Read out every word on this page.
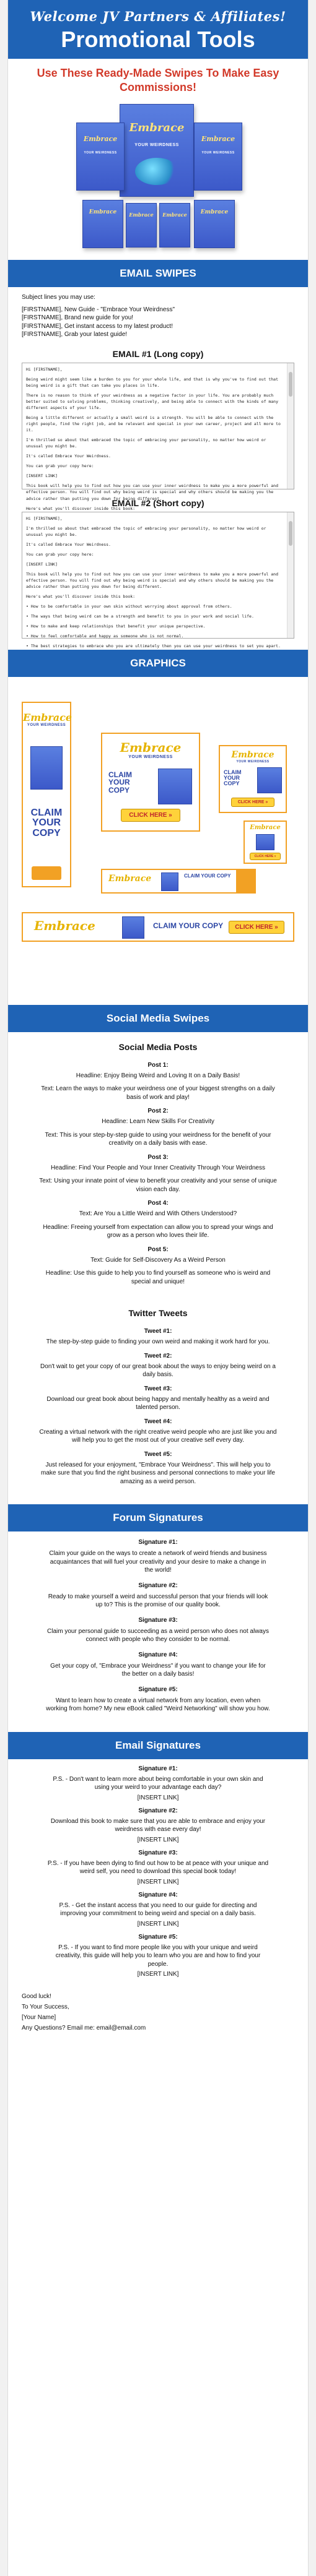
Welcome JV Partners & Affiliates!
Promotional Tools
Use These Ready-Made Swipes To Make Easy Commissions!
Embrace
YOUR WEIRDNESS
Embrace
YOUR WEIRDNESS
Embrace
YOUR WEIRDNESS
Embrace	Embrace	Embrace	Embrace
EMAIL SWIPES
Subject lines you may use:
[FIRSTNAME], New Guide - "Embrace Your Weirdness"
[FIRSTNAME], Brand new guide for you!
[FIRSTNAME], Get instant access to my latest product!
[FIRSTNAME], Grab your latest guide!
EMAIL #1 (Long copy)
Hi [FIRSTNAME],
Being weird might seem like a burden to you for your whole life, and that is why you've to find out that being weird is a gift that can take you places in life.
There is no reason to think of your weirdness as a negative factor in your life. You are probably much better suited to solving problems, thinking creatively, and being able to connect with the kinds of many different aspects of your life.
Being a little different or actually a small weird is a strength. You will be able to connect with the right people, find the right job, and be relevant and special in your own career, project and all more to it.
I'm thrilled so about that embraced the topic of embracing your personality, no matter how weird or unusual you might be.
It's called Embrace Your Weirdness.
You can grab your copy here:
[INSERT LINK]
This book will help you to find out how you can use your inner weirdness to make you a more powerful and effective person. You will find out why being weird is special and why others should be making you the advice rather than putting you down for being different.
Here's what you'll discover inside this book:
EMAIL #2 (Short copy)
Hi [FIRSTNAME],
I'm thrilled so about that embraced the topic of embracing your personality, no matter how weird or unusual you might be.
It's called Embrace Your Weirdness.
You can grab your copy here:
[INSERT LINK]
This book will help you to find out how you can use your inner weirdness to make you a more powerful and effective person. You will find out why being weird is special and why others should be making you the advice rather than putting you down for being different.
Here's what you'll discover inside this book:
• How to be comfortable in your own skin without worrying about approval from others.
• The ways that being weird can be a strength and benefit to you in your work and social life.
• How to make and keep relationships that benefit your unique perspective.
• How to feel comfortable and happy as someone who is not normal.
• The best strategies to embrace who you are ultimately then you can use your weirdness to set you apart.
GRAPHICS
Embrace
YOUR WEIRDNESS
CLAIM
YOUR
COPY
Embrace
YOUR WEIRDNESS
CLAIM
YOUR
COPY
CLICK HERE »
Embrace
YOUR WEIRDNESS
CLAIM
YOUR
COPY
CLICK HERE »
Embrace
CLICK HERE »
Embrace	CLAIM YOUR COPY
Embrace	CLAIM YOUR COPY	CLICK HERE »
Social Media Swipes
Social Media Posts
Post 1:
Headline: Enjoy Being Weird and Loving It on a Daily Basis!
Text: Learn the ways to make your weirdness one of your biggest strengths on a daily basis of work and play!
Post 2:
Headline: Learn New Skills For Creativity
Text: This is your step-by-step guide to using your weirdness for the benefit of your creativity on a daily basis with ease.
Post 3:
Headline: Find Your People and Your Inner Creativity Through Your Weirdness
Text: Using your innate point of view to benefit your creativity and your sense of unique vision each day.
Post 4:
Text: Are You a Little Weird and With Others Understood?
Headline: Freeing yourself from expectation can allow you to spread your wings and grow as a person who loves their life.
Post 5:
Text: Guide for Self-Discovery As a Weird Person
Headline: Use this guide to help you to find yourself as someone who is weird and special and unique!
Twitter Tweets
Tweet #1:
The step-by-step guide to finding your own weird and making it work hard for you.
Tweet #2:
Don't wait to get your copy of our great book about the ways to enjoy being weird on a daily basis.
Tweet #3:
Download our great book about being happy and mentally healthy as a weird and talented person.
Tweet #4:
Creating a virtual network with the right creative weird people who are just like you and will help you to get the most out of your creative self every day.
Tweet #5:
Just released for your enjoyment, "Embrace Your Weirdness". This will help you to make sure that you find the right business and personal connections to make your life amazing as a weird person.
Forum Signatures
Signature #1:
Claim your guide on the ways to create a network of weird friends and business acquaintances that will fuel your creativity and your desire to make a change in the world!
Signature #2:
Ready to make yourself a weird and successful person that your friends will look up to? This is the promise of our quality book.
Signature #3:
Claim your personal guide to succeeding as a weird person who does not always connect with people who they consider to be normal.
Signature #4:
Get your copy of, "Embrace your Weirdness" if you want to change your life for the better on a daily basis!
Signature #5:
Want to learn how to create a virtual network from any location, even when working from home? My new eBook called "Weird Networking" will show you how.
Email Signatures
Signature #1:
P.S. - Don't want to learn more about being comfortable in your own skin and using your weird to your advantage each day?
[INSERT LINK]
Signature #2:
Download this book to make sure that you are able to embrace and enjoy your weirdness with ease every day!
[INSERT LINK]
Signature #3:
P.S. - If you have been dying to find out how to be at peace with your unique and weird self, you need to download this special book today!
[INSERT LINK]
Signature #4:
P.S. - Get the instant access that you need to our guide for directing and improving your commitment to being weird and special on a daily basis.
[INSERT LINK]
Signature #5:
P.S. - If you want to find more people like you with your unique and weird creativity, this guide will help you to learn who you are and how to find your people.
[INSERT LINK]
Good luck!
To Your Success,
[Your Name]
Any Questions? Email me: email@email.com
